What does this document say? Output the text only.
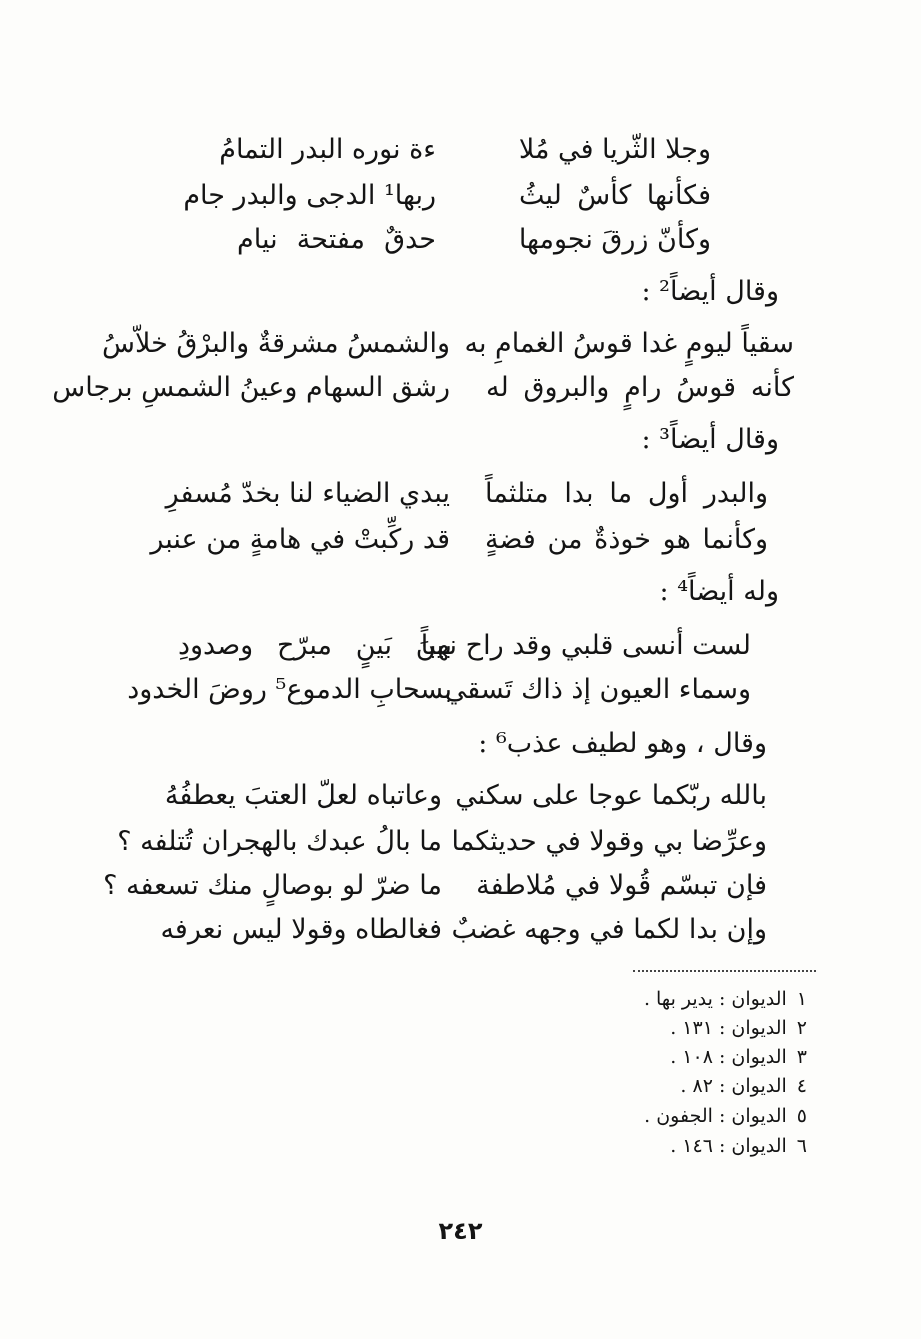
وجلا الثّريا في مُلا
ءة نوره البدر التمامُ
فكأنها كأسٌ ليثُ
ربها¹ الدجى والبدر جام
وكأنّ زرقَ نجومها
حدقٌ مفتحة نيام
وقال أيضاً² :
سقياً ليومٍ غدا قوسُ الغمامِ به
والشمسُ مشرقةٌ والبرْقُ خلاّسُ
كأنه قوسُ رامٍ والبروق له
رشق السهام وعينُ الشمسِ برجاس
وقال أيضاً³ :
والبدر أول ما بدا متلثماً
يبدي الضياء لنا بخدّ مُسفرِ
وكأنما هو خوذةٌ من فضةٍ
قد ركِّبتْ في هامةٍ من عنبر
وله أيضاً⁴ :
لست أنسى قلبي وقد راح نهباً
بينَ بَينٍ مبرّح وصدودِ
وسماء العيون إذ ذاك تَسقي
بسحابِ الدموع⁵ روضَ الخدود
وقال ، وهو لطيف عذب⁶ :
بالله ربّكما عوجا على سكني
وعاتباه لعلّ العتبَ يعطفُهُ
وعرِّضا بي وقولا في حديثكما
ما بالُ عبدك بالهجران تُتلفه ؟
فإن تبسّم قُولا في مُلاطفة
ما ضرّ لو بوصالٍ منك تسعفه ؟
وإن بدا لكما في وجهه غضبٌ
فغالطاه وقولا ليس نعرفه
١الديوان : يدير بها .
٢الديوان : ١٣١ .
٣الديوان : ١٠٨ .
٤الديوان : ٨٢ .
٥الديوان : الجفون .
٦الديوان : ١٤٦ .
٢٤٢
